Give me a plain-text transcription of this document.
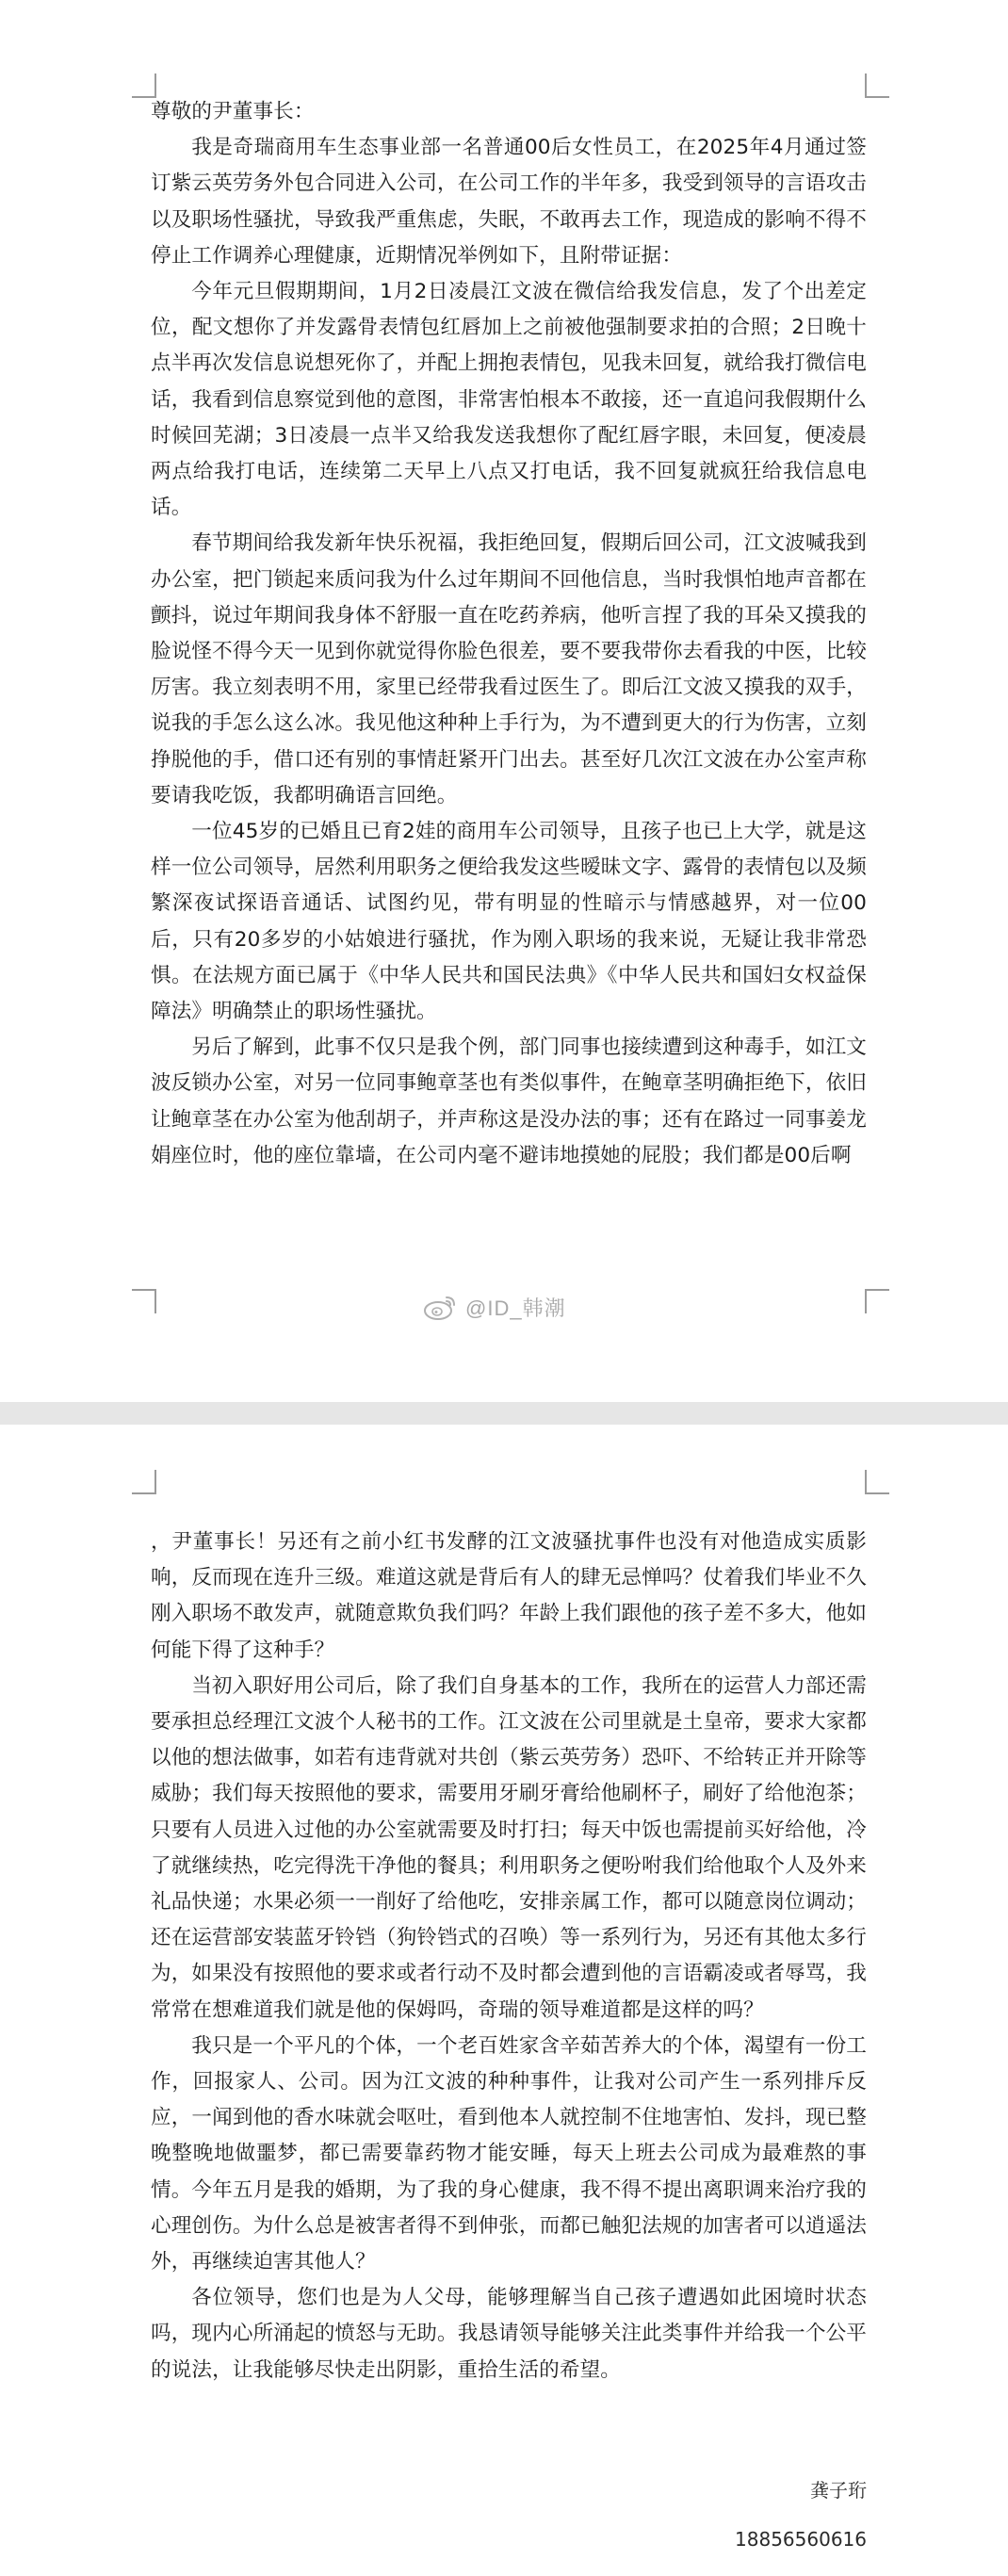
尊敬的尹董事长：

我是奇瑞商用车生态事业部一名普通00后女性员工，在2025年4月通过签订紫云英劳务外包合同进入公司，在公司工作的半年多，我受到领导的言语攻击以及职场性骚扰，导致我严重焦虑，失眠，不敢再去工作，现造成的影响不得不停止工作调养心理健康，近期情况举例如下，且附带证据：

今年元旦假期期间，1月2日凌晨江文波在微信给我发信息，发了个出差定位，配文想你了并发露骨表情包红唇加上之前被他强制要求拍的合照；2日晚十点半再次发信息说想死你了，并配上拥抱表情包，见我未回复，就给我打微信电话，我看到信息察觉到他的意图，非常害怕根本不敢接，还一直追问我假期什么时候回芜湖；3日凌晨一点半又给我发送我想你了配红唇字眼，未回复，便凌晨两点给我打电话，连续第二天早上八点又打电话，我不回复就疯狂给我信息电话。

春节期间给我发新年快乐祝福，我拒绝回复，假期后回公司，江文波喊我到办公室，把门锁起来质问我为什么过年期间不回他信息，当时我惧怕地声音都在颤抖，说过年期间我身体不舒服一直在吃药养病，他听言捏了我的耳朵又摸我的脸说怪不得今天一见到你就觉得你脸色很差，要不要我带你去看我的中医，比较厉害。我立刻表明不用，家里已经带我看过医生了。即后江文波又摸我的双手，说我的手怎么这么冰。我见他这种种上手行为，为不遭到更大的行为伤害，立刻挣脱他的手，借口还有别的事情赶紧开门出去。甚至好几次江文波在办公室声称要请我吃饭，我都明确语言回绝。

一位45岁的已婚且已育2娃的商用车公司领导，且孩子也已上大学，就是这样一位公司领导，居然利用职务之便给我发这些暧昧文字、露骨的表情包以及频繁深夜试探语音通话、试图约见，带有明显的性暗示与情感越界，对一位00后，只有20多岁的小姑娘进行骚扰，作为刚入职场的我来说，无疑让我非常恐惧。在法规方面已属于《中华人民共和国民法典》《中华人民共和国妇女权益保障法》明确禁止的职场性骚扰。

另后了解到，此事不仅只是我个例，部门同事也接续遭到这种毒手，如江文波反锁办公室，对另一位同事鲍章茎也有类似事件，在鲍章茎明确拒绝下，依旧让鲍章茎在办公室为他刮胡子，并声称这是没办法的事；还有在路过一同事姜龙娟座位时，他的座位靠墙，在公司内毫不避讳地摸她的屁股；我们都是00后啊

@ID_韩潮

，尹董事长！另还有之前小红书发酵的江文波骚扰事件也没有对他造成实质影响，反而现在连升三级。难道这就是背后有人的肆无忌惮吗？仗着我们毕业不久刚入职场不敢发声，就随意欺负我们吗？年龄上我们跟他的孩子差不多大，他如何能下得了这种手？

当初入职好用公司后，除了我们自身基本的工作，我所在的运营人力部还需要承担总经理江文波个人秘书的工作。江文波在公司里就是土皇帝，要求大家都以他的想法做事，如若有违背就对共创（紫云英劳务）恐吓、不给转正并开除等威胁；我们每天按照他的要求，需要用牙刷牙膏给他刷杯子，刷好了给他泡茶；只要有人员进入过他的办公室就需要及时打扫；每天中饭也需提前买好给他，冷了就继续热，吃完得洗干净他的餐具；利用职务之便吩咐我们给他取个人及外来礼品快递；水果必须一一削好了给他吃，安排亲属工作，都可以随意岗位调动；还在运营部安装蓝牙铃铛（狗铃铛式的召唤）等一系列行为，另还有其他太多行为，如果没有按照他的要求或者行动不及时都会遭到他的言语霸凌或者辱骂，我常常在想难道我们就是他的保姆吗，奇瑞的领导难道都是这样的吗？

我只是一个平凡的个体，一个老百姓家含辛茹苦养大的个体，渴望有一份工作，回报家人、公司。因为江文波的种种事件，让我对公司产生一系列排斥反应，一闻到他的香水味就会呕吐，看到他本人就控制不住地害怕、发抖，现已整晚整晚地做噩梦，都已需要靠药物才能安睡，每天上班去公司成为最难熬的事情。今年五月是我的婚期，为了我的身心健康，我不得不提出离职调来治疗我的心理创伤。为什么总是被害者得不到伸张，而都已触犯法规的加害者可以逍遥法外，再继续迫害其他人？

各位领导，您们也是为人父母，能够理解当自己孩子遭遇如此困境时状态吗，现内心所涌起的愤怒与无助。我恳请领导能够关注此类事件并给我一个公平的说法，让我能够尽快走出阴影，重拾生活的希望。

龚子珩
18856560616
